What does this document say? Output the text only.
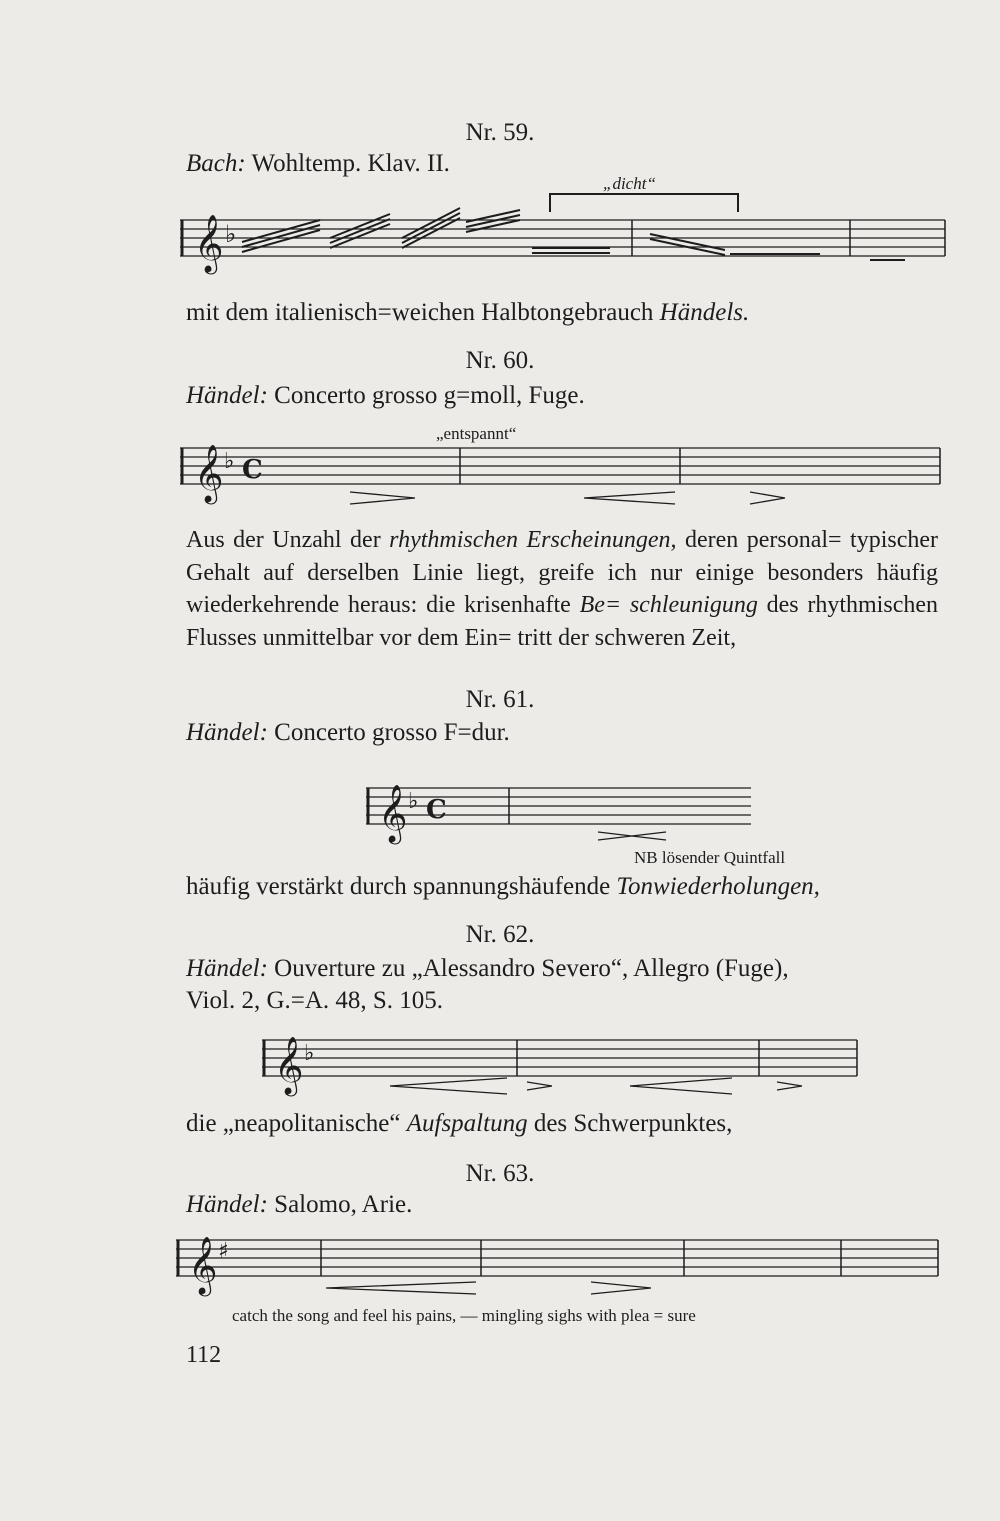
Nr. 59.
Bach: Wohltemp. Klav. II.
„dicht“
𝄞 ♭
mit dem italienisch=weichen Halbtongebrauch Händels.
Nr. 60.
Händel: Concerto grosso g=moll, Fuge.
„entspannt“
𝄞 ♭ C
Aus der Unzahl der rhythmischen Erscheinungen, deren personal= typischer Gehalt auf derselben Linie liegt, greife ich nur einige besonders häufig wiederkehrende heraus: die krisenhafte Be= schleunigung des rhythmischen Flusses unmittelbar vor dem Ein= tritt der schweren Zeit,
Nr. 61.
Händel: Concerto grosso F=dur.
𝄞 ♭ C
NB lösender Quintfall
häufig verstärkt durch spannungshäufende Tonwiederholungen,
Nr. 62.
Händel: Ouverture zu „Alessandro Severo“, Allegro (Fuge),
Viol. 2, G.=A. 48, S. 105.
𝄞 ♭
die „neapolitanische“ Aufspaltung des Schwerpunktes,
Nr. 63.
Händel: Salomo, Arie.
𝄞 ♯
catch the song and feel his pains, — mingling sighs with plea = sure
112
